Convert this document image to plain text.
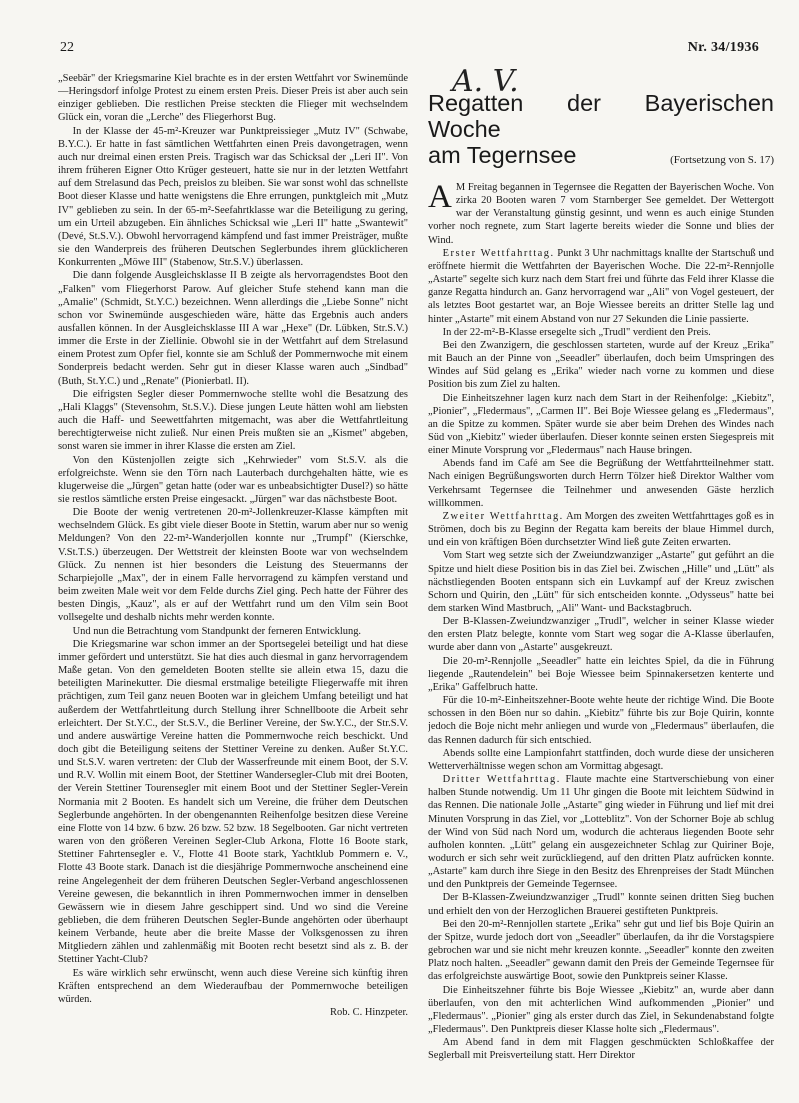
22	Nr. 34/1936
A. V.

„Seebär" der Kriegsmarine Kiel brachte es in der ersten Wettfahrt vor Swinemünde—Heringsdorf infolge Protest zu einem ersten Preis. Dieser Preis ist aber auch sein einziger geblieben. Die restlichen Preise steckten die Flieger mit wechselndem Glück ein, voran die „Lerche" des Fliegerhorst Bug.

In der Klasse der 45-m²-Kreuzer war Punktpreissieger „Mutz IV" (Schwabe, B.Y.C.). Er hatte in fast sämtlichen Wettfahrten einen Preis davongetragen, wenn auch nur dreimal einen ersten Preis. Tragisch war das Schicksal der „Leri II". Von ihrem früheren Eigner Otto Krüger gesteuert, hatte sie nur in der letzten Wettfahrt auf dem Strelasund das Pech, preislos zu bleiben. Sie war sonst wohl das schnellste Boot dieser Klasse und hatte wenigstens die Ehre errungen, punktgleich mit „Mutz IV" geblieben zu sein. In der 65-m²-Seefahrtklasse war die Beteiligung zu gering, um ein Urteil abzugeben. Ein ähnliches Schicksal wie „Leri II" hatte „Swantewit" (Devé, St.S.V.). Obwohl hervorragend kämpfend und fast immer Preisträger, mußte sie den Wanderpreis des früheren Deutschen Seglerbundes ihrem glücklicheren Konkurrenten „Möwe III" (Stabenow, Str.S.V.) überlassen.

Die dann folgende Ausgleichsklasse II B zeigte als hervorragendstes Boot den „Falken" vom Fliegerhorst Parow. Auf gleicher Stufe stehend kann man die „Amalie" (Schmidt, St.Y.C.) bezeichnen. Wenn allerdings die „Liebe Sonne" nicht schon vor Swinemünde ausgeschieden wäre, hätte das Ergebnis auch anders ausfallen können. In der Ausgleichsklasse III A war „Hexe" (Dr. Lübken, Str.S.V.) immer die Erste in der Ziellinie. Obwohl sie in der Wettfahrt auf dem Strelasund einem Protest zum Opfer fiel, konnte sie am Schluß der Pommernwoche mit einem Sonderpreis bedacht werden. Sehr gut in dieser Klasse waren auch „Sindbad" (Buth, St.Y.C.) und „Renate" (Pionierbatl. II).

Die eifrigsten Segler dieser Pommernwoche stellte wohl die Besatzung des „Hali Klaggs" (Stevensohm, St.S.V.). Diese jungen Leute hätten wohl am liebsten auch die Haff- und Seewettfahrten mitgemacht, was aber die Wettfahrtleitung berechtigterweise nicht zuließ. Nur einen Preis mußten sie an „Kismet" abgeben, sonst waren sie immer in ihrer Klasse die ersten am Ziel.

Von den Küstenjollen zeigte sich „Kehrwieder" vom St.S.V. als die erfolgreichste. Wenn sie den Törn nach Lauterbach durchgehalten hätte, wie es klugerweise die „Jürgen" getan hatte (oder war es unbeabsichtigter Dusel?) so hätte sie restlos sämtliche ersten Preise eingesackt. „Jürgen" war das nächstbeste Boot.

Die Boote der wenig vertretenen 20-m²-Jollenkreuzer-Klasse kämpften mit wechselndem Glück. Es gibt viele dieser Boote in Stettin, warum aber nur so wenig Meldungen? Von den 22-m²-Wanderjollen konnte nur „Trumpf" (Kierschke, V.St.T.S.) überzeugen. Der Wettstreit der kleinsten Boote war von wechselndem Glück. Zu nennen ist hier besonders die Leistung des Steuermanns der Scharpiejolle „Max", der in einem Falle hervorragend zu kämpfen verstand und beim zweiten Male weit vor dem Felde durchs Ziel ging. Pech hatte der Führer des besten Dingis, „Kauz", als er auf der Wettfahrt rund um den Vilm sein Boot vollsegelte und deshalb nichts mehr werden konnte.

Und nun die Betrachtung vom Standpunkt der ferneren Entwicklung.

Die Kriegsmarine war schon immer an der Sportsegelei beteiligt und hat diese immer gefördert und unterstützt. Sie hat dies auch diesmal in ganz hervorragendem Maße getan. Von den gemeldeten Booten stellte sie allein etwa 15, dazu die beteiligten Marinekutter. Die diesmal erstmalige beteiligte Fliegerwaffe mit ihren prächtigen, zum Teil ganz neuen Booten war in gleichem Umfang beteiligt und hat außerdem der Wettfahrtleitung durch Stellung ihrer Schnellboote die Arbeit sehr erleichtert. Der St.Y.C., der St.S.V., die Berliner Vereine, der Sw.Y.C., der Str.S.V. und andere auswärtige Vereine hatten die Pommernwoche reich beschickt. Und doch gibt die Beteiligung seitens der Stettiner Vereine zu denken. Außer St.Y.C. und St.S.V. waren vertreten: der Club der Wasserfreunde mit einem Boot, der S.V. und R.V. Wollin mit einem Boot, der Stettiner Wandersegler-Club mit drei Booten, der Verein Stettiner Tourensegler mit einem Boot und der Stettiner Segler-Verein Normania mit 2 Booten. Es handelt sich um Vereine, die früher dem Deutschen Seglerbunde angehörten. In der obengenannten Reihenfolge besitzen diese Vereine eine Flotte von 14 bzw. 6 bzw. 26 bzw. 52 bzw. 18 Segelbooten. Gar nicht vertreten waren von den größeren Vereinen Segler-Club Arkona, Flotte 16 Boote stark, Stettiner Fahrtensegler e. V., Flotte 41 Boote stark, Yachtklub Pommern e. V., Flotte 43 Boote stark. Danach ist die diesjährige Pommernwoche anscheinend eine reine Angelegenheit der dem früheren Deutschen Segler-Verband angeschlossenen Vereine gewesen, die bekanntlich in ihren Pommernwochen immer in denselben Gewässern wie in diesem Jahre geschippert sind. Und wo sind die Vereine geblieben, die dem früheren Deutschen Segler-Bunde angehörten oder überhaupt keinem Verbande, heute aber die breite Masse der Volksgenossen zu ihren Mitgliedern zählen und zahlenmäßig mit Booten recht besetzt sind als z. B. der Stettiner Yacht-Club?

Es wäre wirklich sehr erwünscht, wenn auch diese Vereine sich künftig ihren Kräften entsprechend an dem Wiederaufbau der Pommernwoche beteiligen würden.

Rob. C. Hinzpeter.

Regatten der Bayerischen Woche
am Tegernsee	(Fortsetzung von S. 17)

A M Freitag begannen in Tegernsee die Regatten der Bayerischen Woche. Von zirka 20 Booten waren 7 vom Starnberger See gemeldet. Der Wettergott war der Veranstaltung günstig gesinnt, und wenn es auch einige Stunden vorher noch regnete, zum Start lagerte bereits wieder die Sonne und blies der Wind.

Erster Wettfahrttag. Punkt 3 Uhr nachmittags knallte der Startschuß und eröffnete hiermit die Wettfahrten der Bayerischen Woche. Die 22-m²-Rennjolle „Astarte" segelte sich kurz nach dem Start frei und führte das Feld ihrer Klasse die ganze Regatta hindurch an. Ganz hervorragend war „Ali" von Vogel gesteuert, der als letztes Boot gestartet war, an Boje Wiessee bereits an dritter Stelle lag und hinter „Astarte" mit einem Abstand von nur 27 Sekunden die Linie passierte.

In der 22-m²-B-Klasse ersegelte sich „Trudl" verdient den Preis.

Bei den Zwanzigern, die geschlossen starteten, wurde auf der Kreuz „Erika" mit Bauch an der Pinne von „Seeadler" überlaufen, doch beim Umspringen des Windes auf Süd gelang es „Erika" wieder nach vorne zu kommen und diese Position bis zum Ziel zu halten.

Die Einheitszehner lagen kurz nach dem Start in der Reihenfolge: „Kiebitz", „Pionier", „Fledermaus", „Carmen II". Bei Boje Wiessee gelang es „Fledermaus", an die Spitze zu kommen. Später wurde sie aber beim Drehen des Windes nach Süd von „Kiebitz" wieder überlaufen. Dieser konnte seinen ersten Siegespreis mit einer Minute Vorsprung vor „Fledermaus" nach Hause bringen.

Abends fand im Café am See die Begrüßung der Wettfahrtteilnehmer statt. Nach einigen Begrüßungsworten durch Herrn Tölzer hieß Direktor Walther vom Verkehrsamt Tegernsee die Teilnehmer und anwesenden Gäste herzlich willkommen.

Zweiter Wettfahrttag. Am Morgen des zweiten Wettfahrttages goß es in Strömen, doch bis zu Beginn der Regatta kam bereits der blaue Himmel durch, und ein von kräftigen Böen durchsetzter Wind ließ gute Zeiten erwarten.

Vom Start weg setzte sich der Zweiundzwanziger „Astarte" gut geführt an die Spitze und hielt diese Position bis in das Ziel bei. Zwischen „Hille" und „Lütt" als nächstliegenden Booten entspann sich ein Luvkampf auf der Kreuz zwischen Schorn und Quirin, den „Lütt" für sich entscheiden konnte. „Odysseus" hatte bei dem starken Wind Mastbruch, „Ali" Want- und Backstagbruch.

Der B-Klassen-Zweiundzwanziger „Trudl", welcher in seiner Klasse wieder den ersten Platz belegte, konnte vom Start weg sogar die A-Klasse überlaufen, wurde aber dann von „Astarte" ausgekreuzt.

Die 20-m²-Rennjolle „Seeadler" hatte ein leichtes Spiel, da die in Führung liegende „Rautendelein" bei Boje Wiessee beim Spinnakersetzen kenterte und „Erika" Gaffelbruch hatte.

Für die 10-m²-Einheitszehner-Boote wehte heute der richtige Wind. Die Boote schossen in den Böen nur so dahin. „Kiebitz" führte bis zur Boje Quirin, konnte jedoch die Boje nicht mehr anliegen und wurde von „Fledermaus" überlaufen, die das Rennen dadurch für sich entschied.

Abends sollte eine Lampionfahrt stattfinden, doch wurde diese der unsicheren Wetterverhältnisse wegen schon am Vormittag abgesagt.

Dritter Wettfahrttag. Flaute machte eine Startverschiebung von einer halben Stunde notwendig. Um 11 Uhr gingen die Boote mit leichtem Südwind in das Rennen. Die nationale Jolle „Astarte" ging wieder in Führung und lief mit drei Minuten Vorsprung in das Ziel, vor „Lotteblitz". Von der Schorner Boje ab schlug der Wind von Süd nach Nord um, wodurch die achteraus liegenden Boote sehr aufholen konnten. „Lütt" gelang ein ausgezeichneter Schlag zur Quiriner Boje, wodurch er sich sehr weit zurückliegend, auf den dritten Platz aufrücken konnte. „Astarte" kam durch ihre Siege in den Besitz des Ehrenpreises der Stadt München und den Punktpreis der Gemeinde Tegernsee.

Der B-Klassen-Zweiundzwanziger „Trudl" konnte seinen dritten Sieg buchen und erhielt den von der Herzoglichen Brauerei gestifteten Punktpreis.

Bei den 20-m²-Rennjollen startete „Erika" sehr gut und lief bis Boje Quirin an der Spitze, wurde jedoch dort von „Seeadler" überlaufen, da ihr die Vorstagspiere gebrochen war und sie nicht mehr kreuzen konnte. „Seeadler" konnte den zweiten Platz noch halten. „Seeadler" gewann damit den Preis der Gemeinde Tegernsee für das erfolgreichste auswärtige Boot, sowie den Punktpreis seiner Klasse.

Die Einheitszehner führte bis Boje Wiessee „Kiebitz" an, wurde aber dann überlaufen, von den mit achterlichen Wind aufkommenden „Pionier" und „Fledermaus". „Pionier" ging als erster durch das Ziel, in Sekundenabstand folgte „Fledermaus". Den Punktpreis dieser Klasse holte sich „Fledermaus".

Am Abend fand in dem mit Flaggen geschmückten Schloßkaffee der Seglerball mit Preisverteilung statt. Herr Direktor
